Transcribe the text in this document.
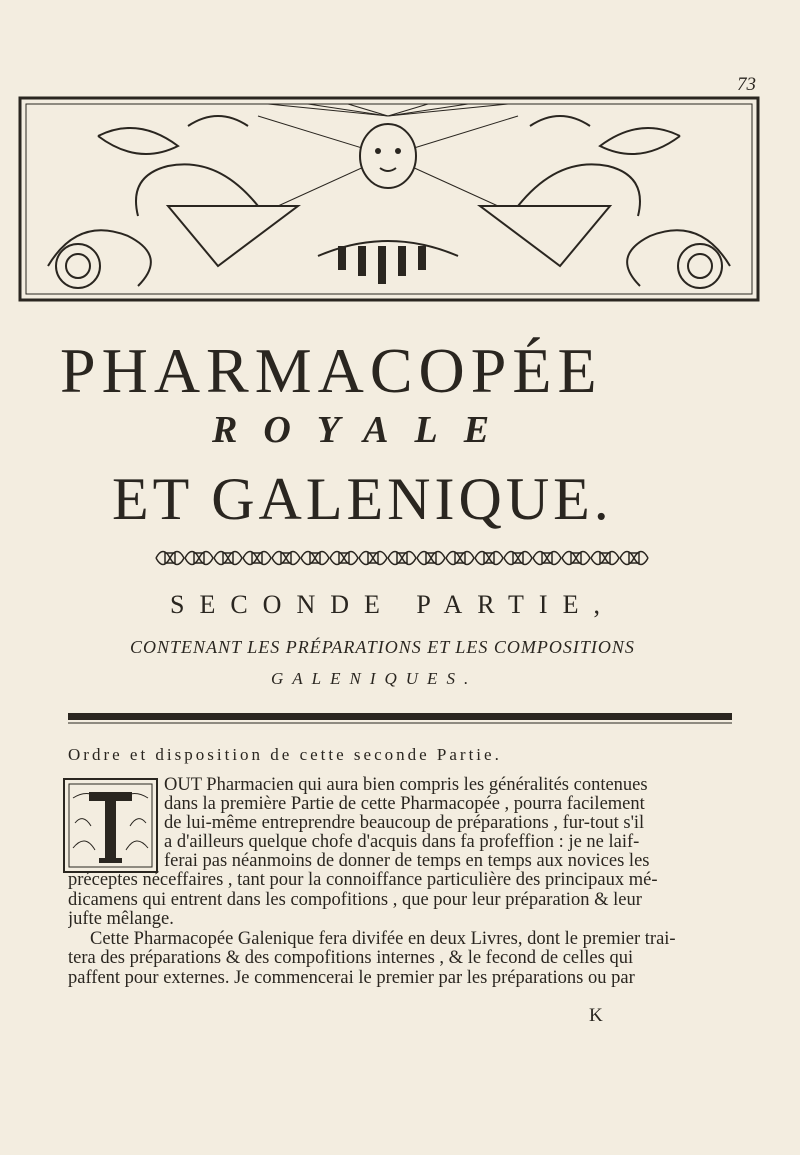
73
PHARMACOPÉE
ROYALE
ET GALENIQUE.
SECONDE PARTIE,
CONTENANT LES PRÉPARATIONS ET LES COMPOSITIONS
GALENIQUES.
Ordre et disposition de cette seconde Partie.
OUT Pharmacien qui aura bien compris les généralités contenues
dans la première Partie de cette Pharmacopée , pourra facilement
de lui-même entreprendre beaucoup de préparations , fur-tout s'il
a d'ailleurs quelque chofe d'acquis dans fa profeffion : je ne laif-
ferai pas néanmoins de donner de temps en temps aux novices les
préceptes néceffaires , tant pour la connoiffance particulière des principaux mé-
dicamens qui entrent dans les compofitions , que pour leur préparation & leur
jufte mêlange.
Cette Pharmacopée Galenique fera divifée en deux Livres, dont le premier trai-
tera des préparations & des compofitions internes , & le fecond de celles qui
paffent pour externes. Je commencerai le premier par les préparations ou par
K
